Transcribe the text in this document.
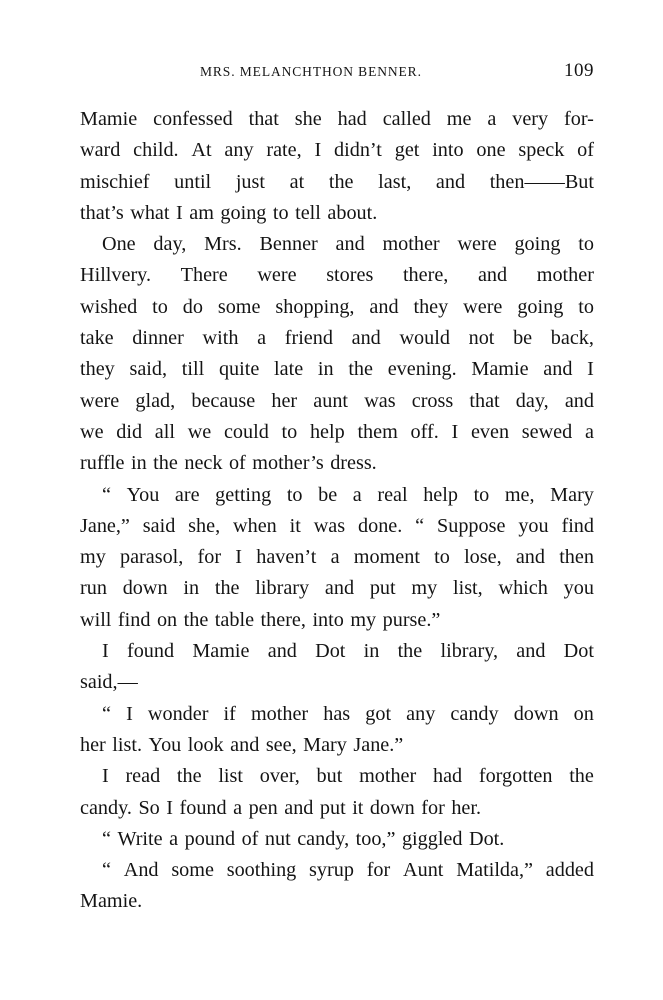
MRS. MELANCHTHON BENNER.	109
Mamie confessed that she had called me a very for-
ward child. At any rate, I didn’t get into one speck of
mischief until just at the last, and then——But
that’s what I am going to tell about.
One day, Mrs. Benner and mother were going to
Hillvery. There were stores there, and mother
wished to do some shopping, and they were going to
take dinner with a friend and would not be back,
they said, till quite late in the evening. Mamie and I
were glad, because her aunt was cross that day, and
we did all we could to help them off. I even sewed a
ruffle in the neck of mother’s dress.
“ You are getting to be a real help to me, Mary
Jane,” said she, when it was done. “ Suppose you find
my parasol, for I haven’t a moment to lose, and then
run down in the library and put my list, which you
will find on the table there, into my purse.”
I found Mamie and Dot in the library, and Dot
said,—
“ I wonder if mother has got any candy down on
her list. You look and see, Mary Jane.”
I read the list over, but mother had forgotten the
candy. So I found a pen and put it down for her.
“ Write a pound of nut candy, too,” giggled Dot.
“ And some soothing syrup for Aunt Matilda,” added
Mamie.
